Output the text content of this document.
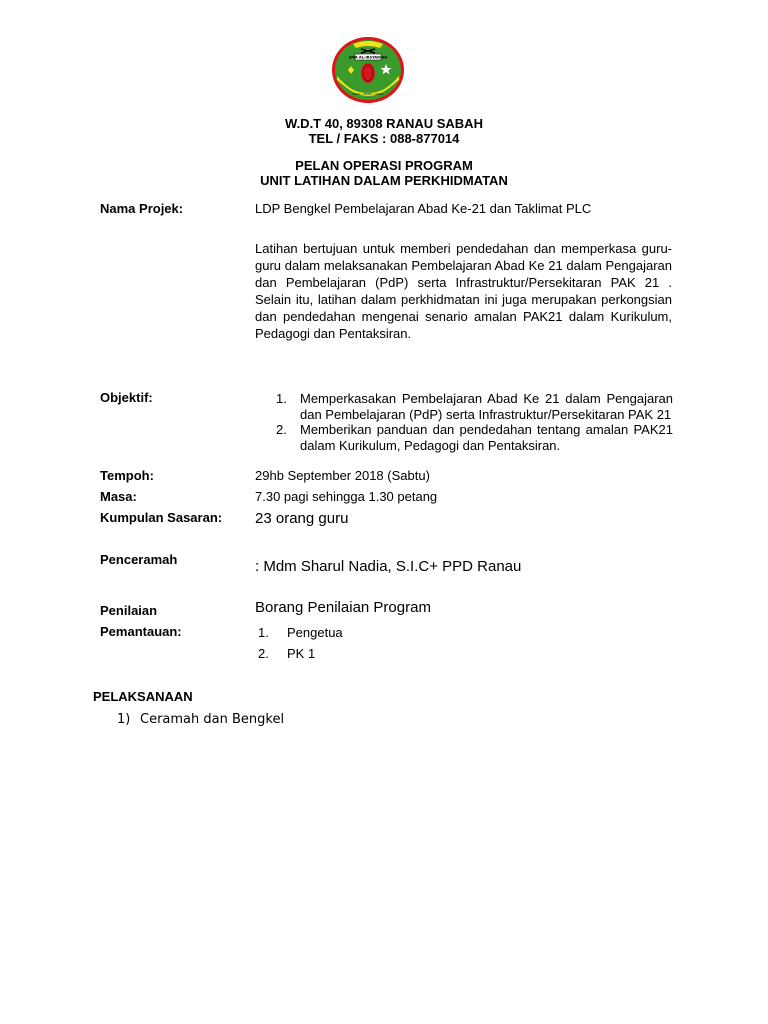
SMA AL-IRSYADIAH
ILMU • IMAN • AMAL
W.D.T 40, 89308 RANAU SABAH
TEL / FAKS : 088-877014
PELAN OPERASI PROGRAM
UNIT LATIHAN DALAM PERKHIDMATAN
Nama Projek:	LDP Bengkel Pembelajaran Abad Ke-21 dan Taklimat PLC
Latihan bertujuan untuk memberi pendedahan dan memperkasa guru-guru dalam melaksanakan Pembelajaran Abad Ke 21 dalam Pengajaran dan Pembelajaran (PdP) serta Infrastruktur/Persekitaran PAK 21 . Selain itu, latihan dalam perkhidmatan ini juga merupakan perkongsian dan pendedahan mengenai senario amalan PAK21 dalam Kurikulum, Pedagogi dan Pentaksiran.
Objektif:	1. Memperkasakan Pembelajaran Abad Ke 21 dalam Pengajaran dan Pembelajaran (PdP) serta Infrastruktur/Persekitaran PAK 21
2. Memberikan panduan dan pendedahan tentang amalan PAK21 dalam Kurikulum, Pedagogi dan Pentaksiran.
Tempoh:	29hb September 2018 (Sabtu)
Masa:	7.30 pagi sehingga 1.30 petang
Kumpulan Sasaran: 23 orang guru
Penceramah	: Mdm Sharul Nadia, S.I.C+ PPD Ranau
Penilaian	Borang Penilaian Program
Pemantauan:	1. Pengetua
2. PK 1
PELAKSANAAN
1) Ceramah dan Bengkel
